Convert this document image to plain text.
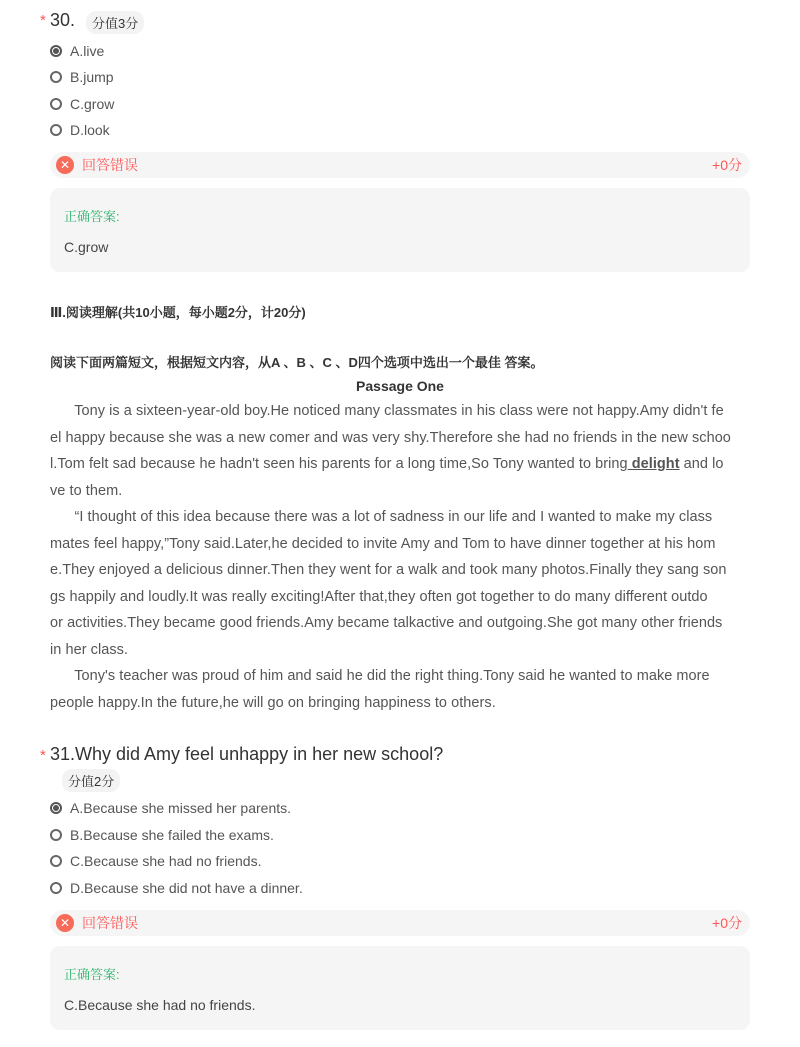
* 30.	分值3分
A.live
B.jump
C.grow
D.look
✕ 回答错误	+0分
正确答案:
C.grow
Ⅲ.阅读理解(共10小题，每小题2分，计20分)
阅读下面两篇短文，根据短文内容，从A 、B 、C 、D四个选项中选出一个最佳 答案。
Passage One
Tony is a sixteen-year-old boy.He noticed many classmates in his class were not happy.Amy didn't fe
el happy because she was a new comer and was very shy.Therefore she had no friends in the new schoo
l.Tom felt sad because he hadn't seen his parents for a long time,So Tony wanted to bring delight and lo
ve to them.
“I thought of this idea because there was a lot of sadness in our life and I wanted to make my class
mates feel happy,”Tony said.Later,he decided to invite Amy and Tom to have dinner together at his hom
e.They enjoyed a delicious dinner.Then they went for a walk and took many photos.Finally they sang son
gs happily and loudly.It was really exciting!After that,they often got together to do many different outdo
or activities.They became good friends.Amy became talkactive and outgoing.She got many other friends
in her class.
Tony's teacher was proud of him and said he did the right thing.Tony said he wanted to make more
people happy.In the future,he will go on bringing happiness to others.
* 31. Why did Amy feel unhappy in her new school?
分值2分
A.Because she missed her parents.
B.Because she failed the exams.
C.Because she had no friends.
D.Because she did not have a dinner.
✕ 回答错误	+0分
正确答案:
C.Because she had no friends.
